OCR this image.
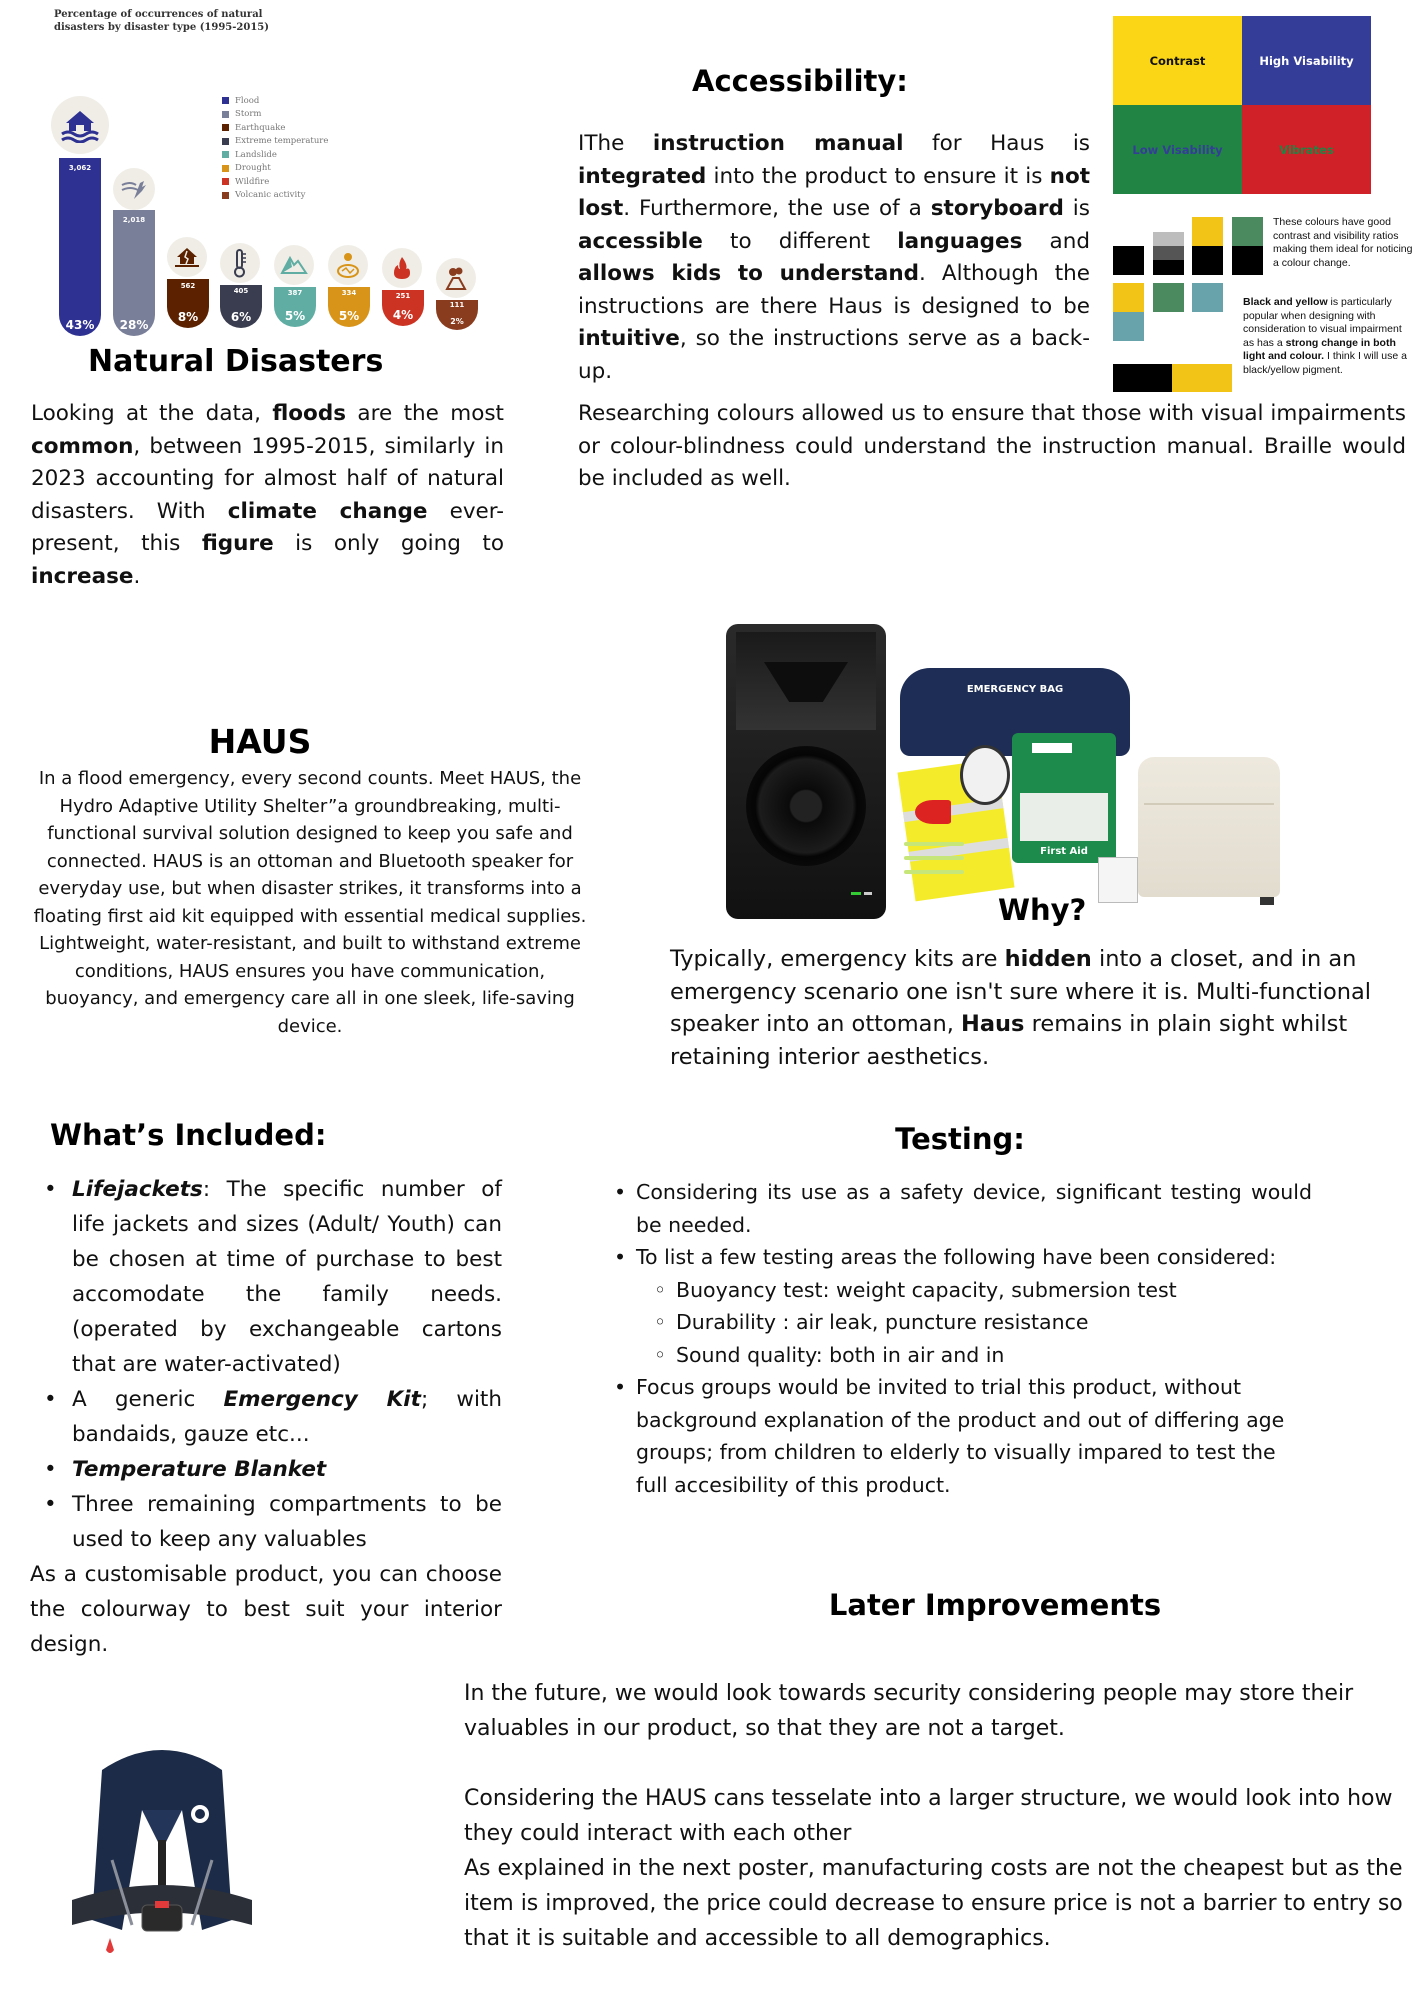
Percentage of occurrences of natural disasters by disaster type (1995-2015)
Flood
Storm
Earthquake
Extreme temperature
Landslide
Drought
Wildfire
Volcanic activity
3,062
43%
2,018
28%
562
8%
405
6%
387
5%
334
5%
251
4%
111
2%
Natural Disasters
Looking at the data, floods are the most common, between 1995-2015, similarly in 2023 accounting for almost half of natural disasters. With climate change ever-present, this figure is only going to increase.
Accessibility:
IThe instruction manual for Haus is integrated into the product to ensure it is not lost. Furthermore, the use of a storyboard is accessible to different languages and allows kids to understand. Although the instructions are there Haus is designed to be intuitive, so the instructions serve as a back-up.
Researching colours allowed us to ensure that those with visual impairments or colour-blindness could understand the instruction manual. Braille would be included as well.
Contrast	High Visability
Low Visability	Vibrates
These colours have good contrast and visibility ratios making them ideal for noticing a colour change.
Black and yellow is particularly popular when designing with consideration to visual impairment as has a strong change in both light and colour. I think I will use a black/yellow pigment.
HAUS
In a flood emergency, every second counts. Meet HAUS, the Hydro Adaptive Utility Shelter”a groundbreaking, multi-functional survival solution designed to keep you safe and connected. HAUS is an ottoman and Bluetooth speaker for everyday use, but when disaster strikes, it transforms into a floating first aid kit equipped with essential medical supplies. Lightweight, water-resistant, and built to withstand extreme conditions, HAUS ensures you have communication, buoyancy, and emergency care all in one sleek, life-saving device.
EMERGENCY BAG
First Aid
Why?
Typically, emergency kits are hidden into a closet, and in an emergency scenario one isn't sure where it is. Multi-functional speaker into an ottoman, Haus remains in plain sight whilst retaining interior aesthetics.
What’s Included:
• Lifejackets: The specific number of life jackets and sizes (Adult/ Youth) can be chosen at time of purchase to best accomodate the family needs. (operated by exchangeable cartons that are water-activated)
• A generic Emergency Kit; with bandaids, gauze etc...
• Temperature Blanket
• Three remaining compartments to be used to keep any valuables
As a customisable product, you can choose the colourway to best suit your interior design.
Testing:
• Considering its use as a safety device, significant testing would be needed.
• To list a few testing areas the following have been considered:
◦ Buoyancy test: weight capacity, submersion test
◦ Durability : air leak, puncture resistance
◦ Sound quality: both in air and in
• Focus groups would be invited to trial this product, without background explanation of the product and out of differing age groups; from children to elderly to visually impared to test the full accesibility of this product.
Later Improvements

In the future, we would look towards security considering people may store their valuables in our product, so that they are not a target.

Considering the HAUS cans tesselate into a larger structure, we would look into how they could interact with each other

As explained in the next poster, manufacturing costs are not the cheapest but as the item is improved, the price could decrease to ensure price is not a barrier to entry so that it is suitable and accessible to all demographics.
